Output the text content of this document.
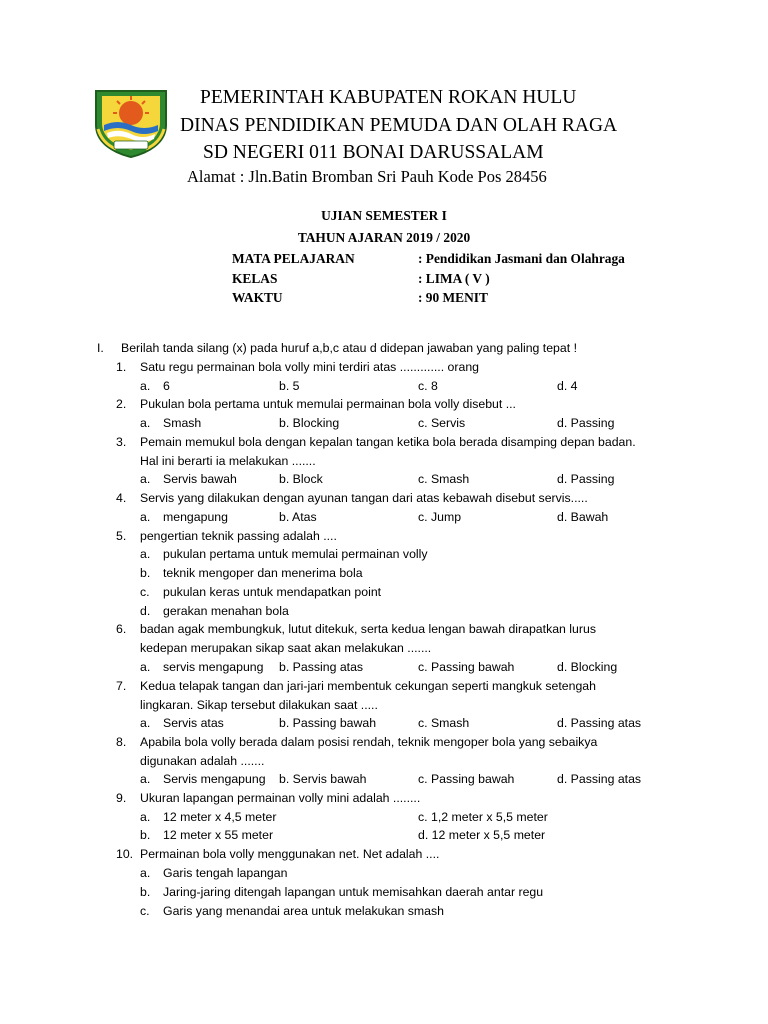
PEMERINTAH KABUPATEN ROKAN HULU
DINAS PENDIDIKAN PEMUDA DAN OLAH RAGA
SD NEGERI 011 BONAI DARUSSALAM
Alamat : Jln.Batin Bromban Sri Pauh Kode Pos 28456
UJIAN SEMESTER I
TAHUN AJARAN 2019 / 2020
MATA PELAJARAN	: Pendidikan Jasmani dan Olahraga
KELAS	: LIMA ( V )
WAKTU	: 90 MENIT
I. Berilah tanda silang (x) pada huruf a,b,c atau d didepan jawaban yang paling tepat !
1. Satu regu permainan bola volly mini terdiri atas ............. orang
a. 6	b. 5	c. 8	d. 4
2. Pukulan bola pertama untuk memulai permainan bola volly disebut ...
a. Smash	b. Blocking	c. Servis	d. Passing
3. Pemain memukul bola dengan kepalan tangan ketika bola berada disamping depan badan.
Hal ini berarti ia melakukan .......
a. Servis bawah	b. Block	c. Smash	d. Passing
4. Servis yang dilakukan dengan ayunan tangan dari atas kebawah disebut servis.....
a. mengapung	b. Atas	c. Jump	d. Bawah
5. pengertian teknik passing adalah ....
a. pukulan pertama untuk memulai permainan volly
b. teknik mengoper dan menerima bola
c. pukulan keras untuk mendapatkan point
d. gerakan menahan bola
6. badan agak membungkuk, lutut ditekuk, serta kedua lengan bawah dirapatkan lurus
kedepan merupakan sikap saat akan melakukan .......
a. servis mengapung b. Passing atas	c. Passing bawah	d. Blocking
7. Kedua telapak tangan dan jari-jari membentuk cekungan seperti mangkuk setengah
lingkaran. Sikap tersebut dilakukan saat .....
a. Servis atas	b. Passing bawah	c. Smash	d. Passing atas
8. Apabila bola volly berada dalam posisi rendah, teknik mengoper bola yang sebaikya
digunakan adalah .......
a. Servis mengapung b. Servis bawah	c. Passing bawah	d. Passing atas
9. Ukuran lapangan permainan volly mini adalah ........
a. 12 meter x 4,5 meter	c. 1,2 meter x 5,5 meter
b. 12 meter x 55 meter	d. 12 meter x 5,5 meter
10. Permainan bola volly menggunakan net. Net adalah ....
a. Garis tengah lapangan
b. Jaring-jaring ditengah lapangan untuk memisahkan daerah antar regu
c. Garis yang menandai area untuk melakukan smash
